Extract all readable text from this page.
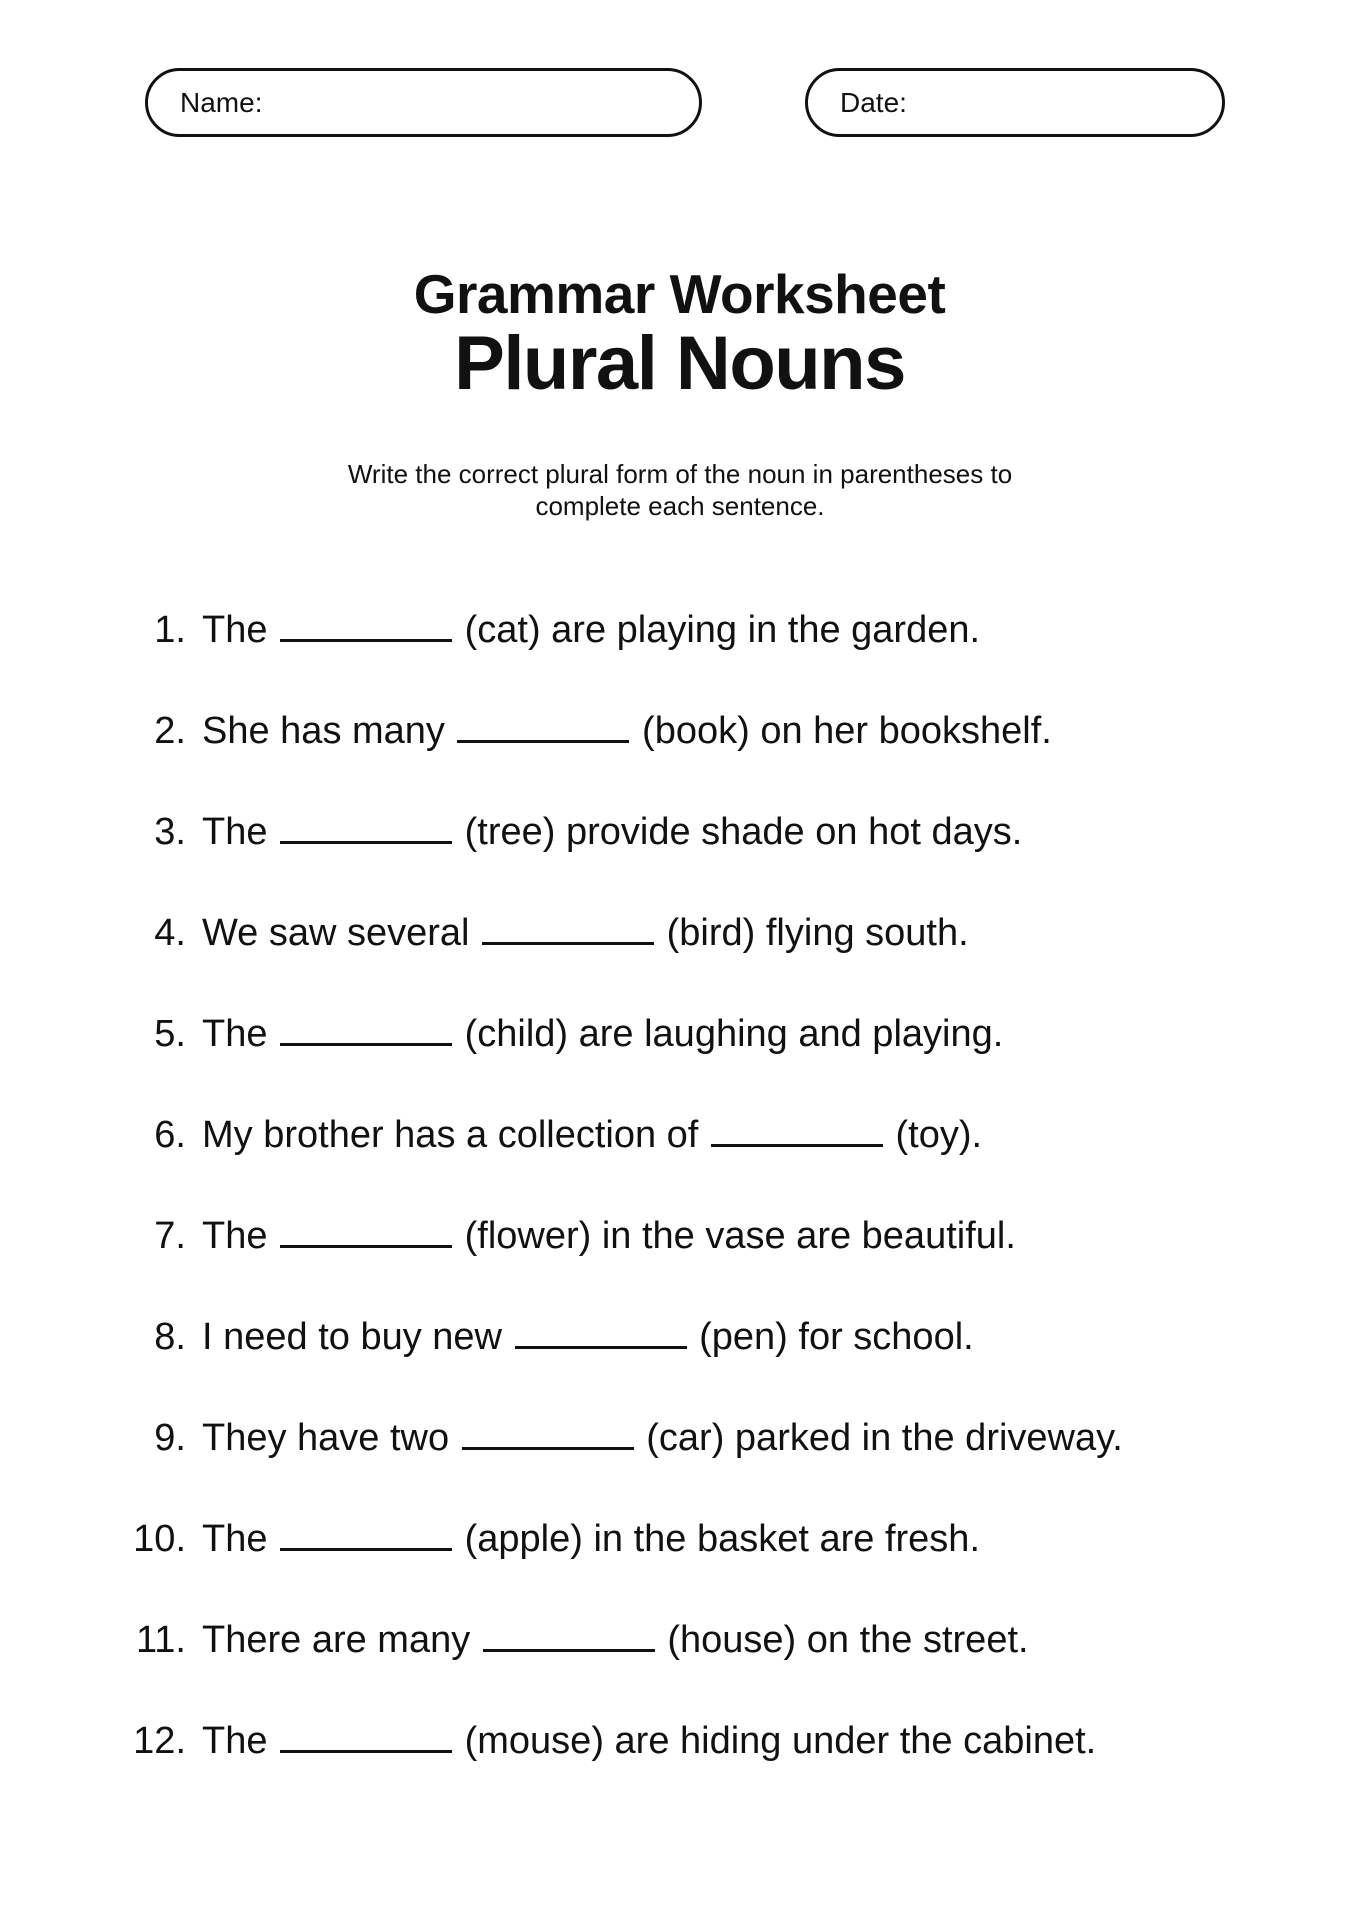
Name:	Date:
Grammar Worksheet
Plural Nouns
Write the correct plural form of the noun in parentheses to
complete each sentence.
1. The	(cat) are playing in the garden.
2. She has many	(book) on her bookshelf.
3. The	(tree) provide shade on hot days.
4. We saw several	(bird) flying south.
5. The	(child) are laughing and playing.
6. My brother has a collection of	(toy).
7. The	(flower) in the vase are beautiful.
8. I need to buy new	(pen) for school.
9. They have two	(car) parked in the driveway.
10. The	(apple) in the basket are fresh.
11. There are many	(house) on the street.
12. The	(mouse) are hiding under the cabinet.
